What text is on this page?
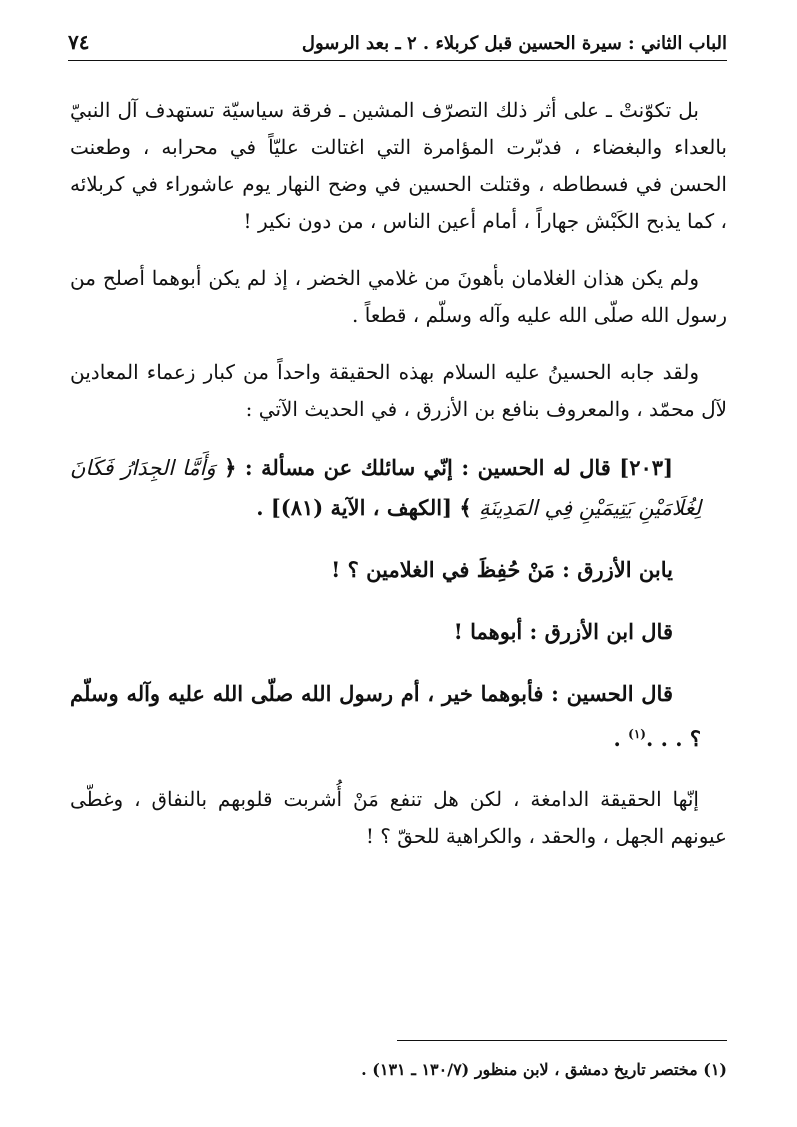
الباب الثاني : سيرة الحسين قبل كربلاء . ٢ ـ بعد الرسول
٧٤

بل تكوّنتْ ـ على أثر ذلك التصرّف المشين ـ فرقة سياسيّة تستهدف آل النبيّ بالعداء والبغضاء ، فدبّرت المؤامرة التي اغتالت عليّاً في محرابه ، وطعنت الحسن في فسطاطه ، وقتلت الحسين في وضح النهار يوم عاشوراء في كربلائه ، كما يذبح الكَبْش جهاراً ، أمام أعين الناس ، من دون نكير !

ولم يكن هذان الغلامان بأهونَ من غلامي الخضر ، إذ لم يكن أبوهما أصلح من رسول الله صلّى الله عليه وآله وسلّم ، قطعاً .

ولقد جابه الحسينُ عليه السلام بهذه الحقيقة واحداً من كبار زعماء المعادين لآل محمّد ، والمعروف بنافع بن الأزرق ، في الحديث الآتي :

[٢٠٣] قال له الحسين : إنّي سائلك عن مسألة : ﴿ وَأَمَّا الجِدَارُ فَكَانَ لِغُلَامَيْنِ يَتِيمَيْنِ فِي المَدِينَةِ ﴾ [الكهف ، الآية (٨١)] .

يابن الأزرق : مَنْ حُفِظَ في الغلامين ؟ !

قال ابن الأزرق : أبوهما !

قال الحسين : فأبوهما خير ، أم رسول الله صلّى الله عليه وآله وسلّم ؟ . . .$^{(١)}$ .

إنّها الحقيقة الدامغة ، لكن هل تنفع مَنْ أُشربت قلوبهم بالنفاق ، وغطّى عيونهم الجهل ، والحقد ، والكراهية للحقّ ؟ !

(١) مختصر تاريخ دمشق ، لابن منظور (١٣٠/٧ ـ ١٣١) .
